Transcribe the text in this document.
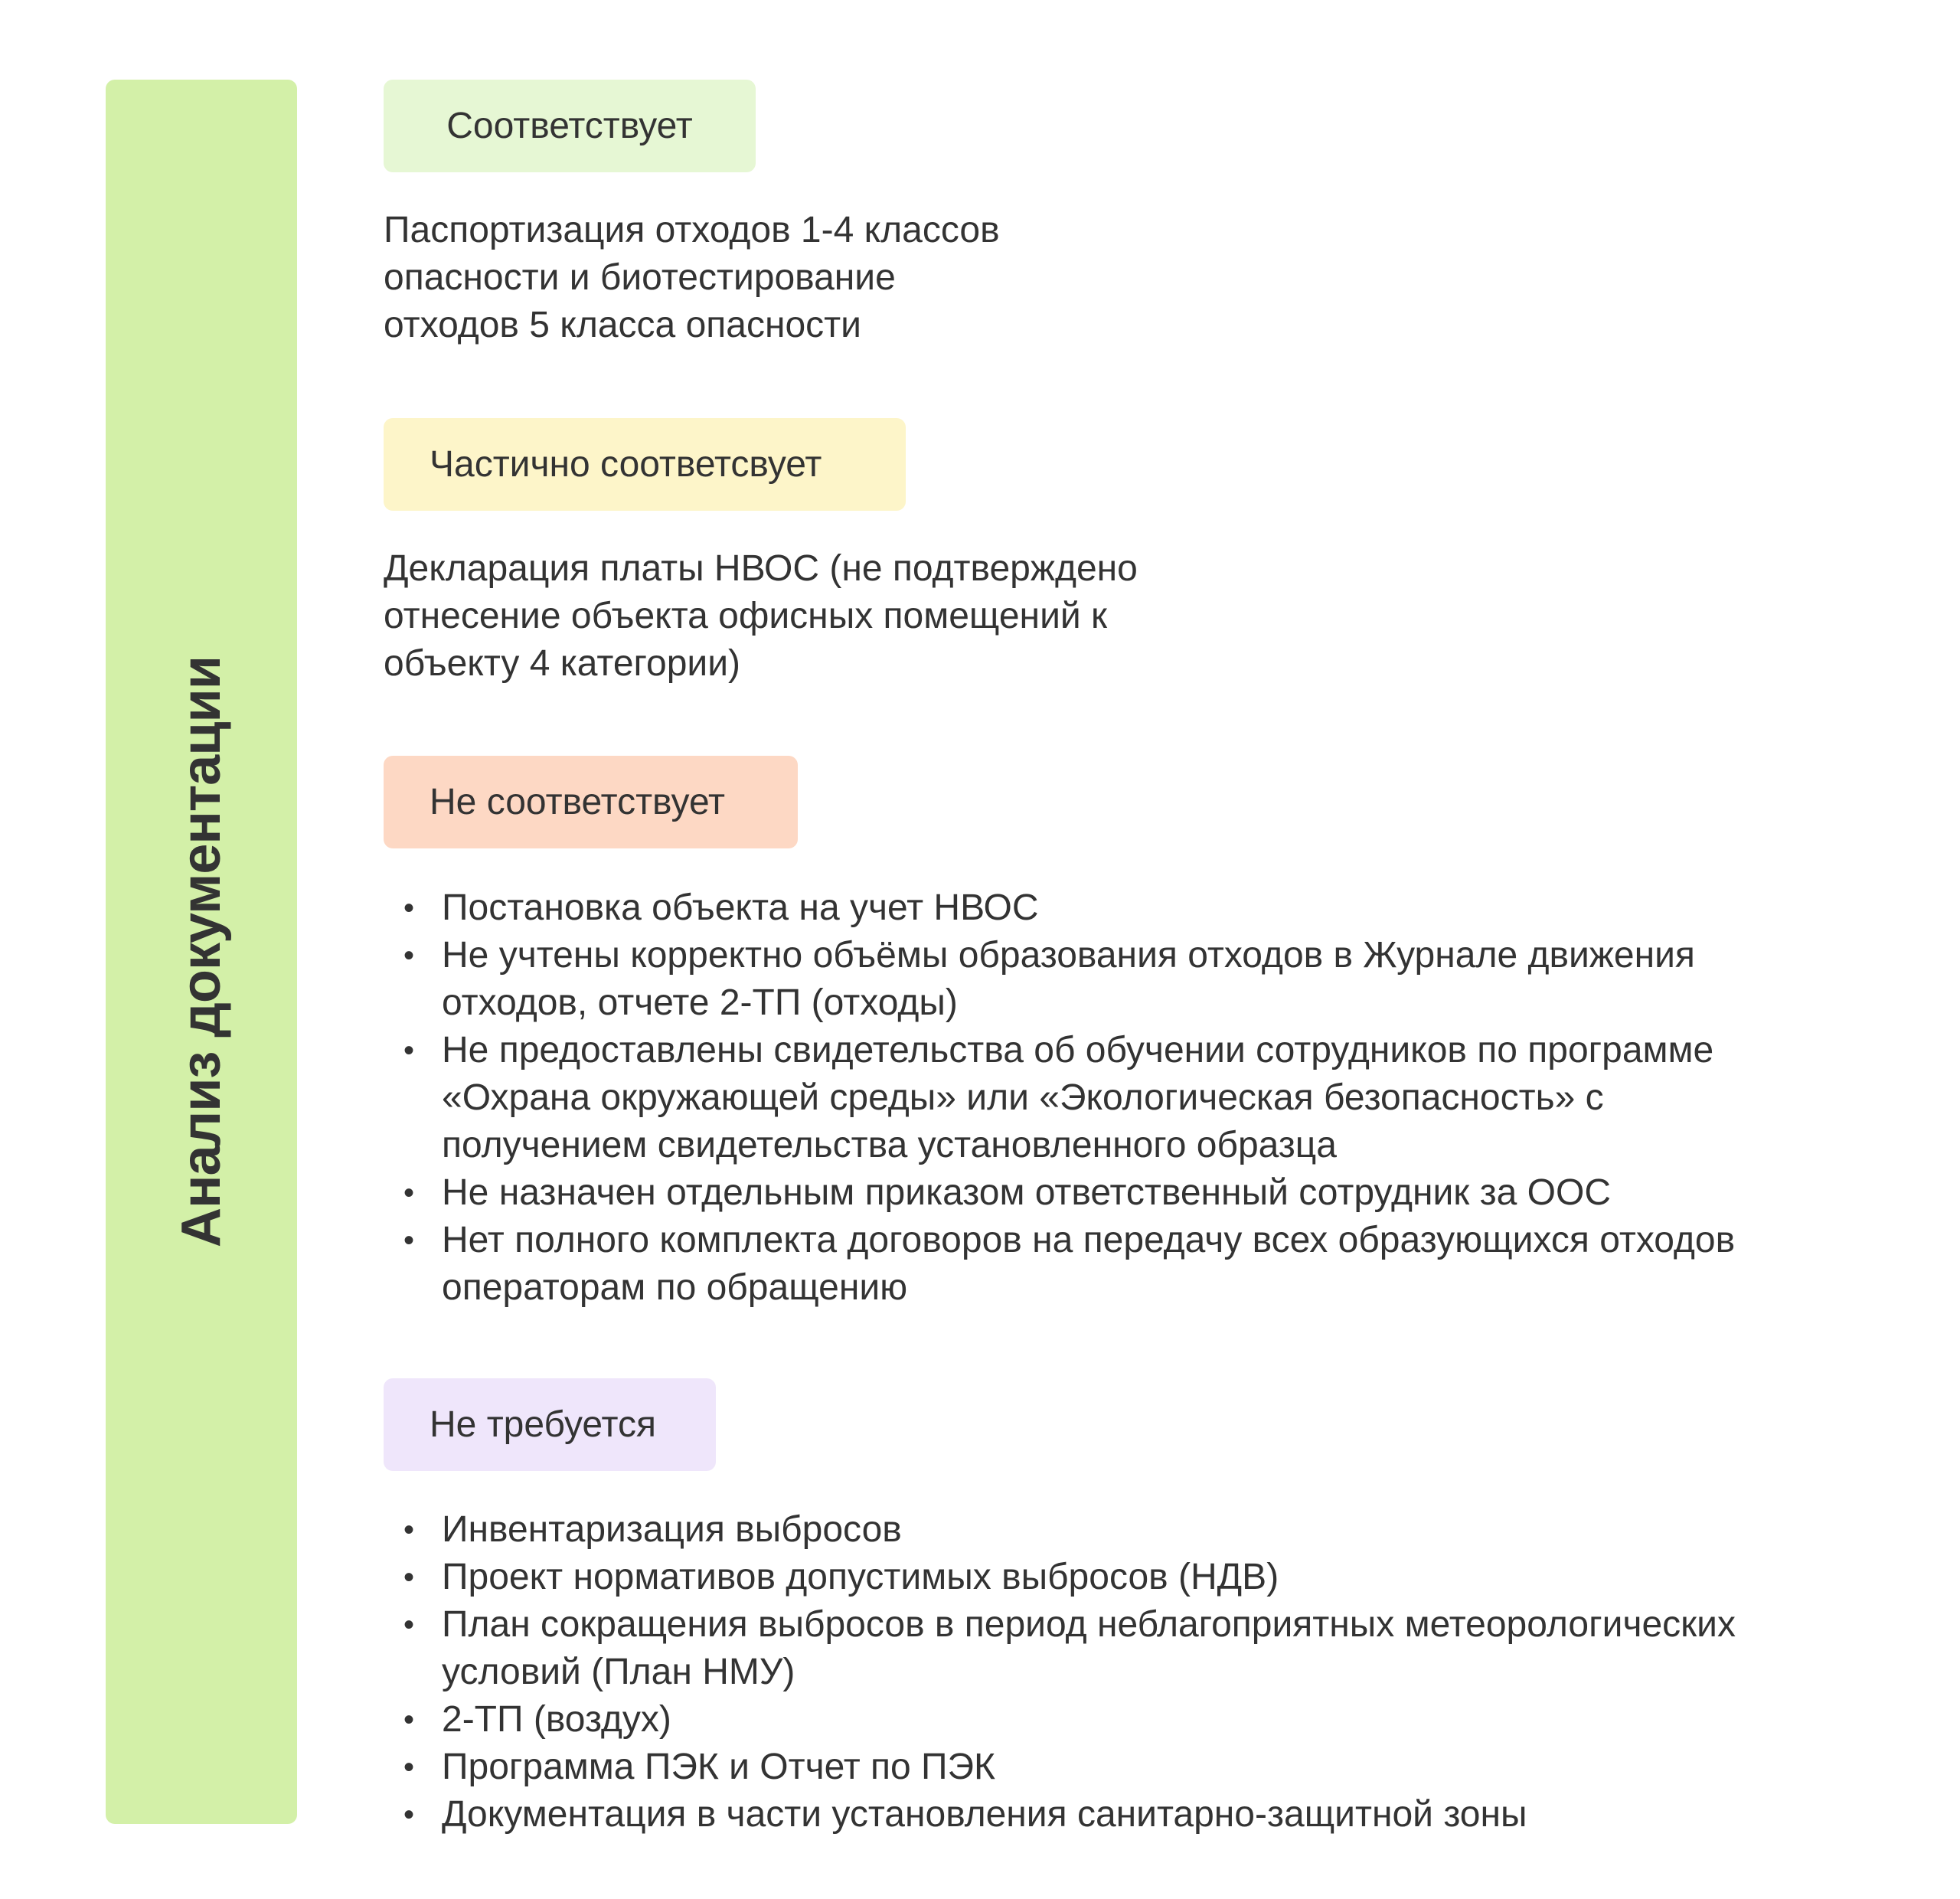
Анализ документации
Соответствует

Паспортизация отходов 1-4 классов
опасности и биотестирование
отходов 5 класса опасности

Частично соответсвует

Декларация платы НВОС (не подтверждено
отнесение объекта офисных помещений к
объекту 4 категории)

Не соответствует
• Постановка объекта на учет НВОС
• Не учтены корректно объёмы образования отходов в Журнале движения
отходов, отчете 2-ТП (отходы)
• Не предоставлены свидетельства об обучении сотрудников по программе
«Охрана окружающей среды» или «Экологическая безопасность» с
получением свидетельства установленного образца
• Не назначен отдельным приказом ответственный сотрудник за ООС
• Нет полного комплекта договоров на передачу всех образующихся отходов
операторам по обращению
Не требуется
• Инвентаризация выбросов
• Проект нормативов допустимых выбросов (НДВ)
• План сокращения выбросов в период неблагоприятных метеорологических
условий (План НМУ)
• 2-ТП (воздух)
• Программа ПЭК и Отчет по ПЭК
• Документация в части установления санитарно-защитной зоны
